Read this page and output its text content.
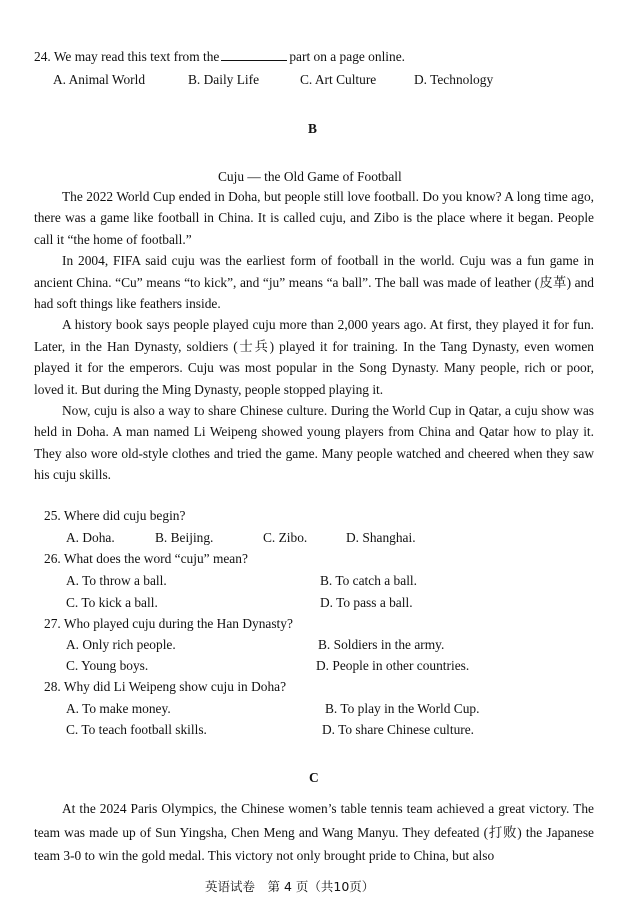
24. We may read this text from the	part on a page online.
A. Animal World	B. Daily Life	C. Art Culture	D. Technology
B
Cuju — the Old Game of Football

The 2022 World Cup ended in Doha, but people still love football. Do you know? A long time ago, there was a game like football in China. It is called cuju, and Zibo is the place where it began. People call it “the home of football.”

In 2004, FIFA said cuju was the earliest form of football in the world. Cuju was a fun game in ancient China. “Cu” means “to kick”, and “ju” means “a ball”. The ball was made of leather (皮革) and had soft things like feathers inside.

A history book says people played cuju more than 2,000 years ago. At first, they played it for fun. Later, in the Han Dynasty, soldiers (士兵) played it for training. In the Tang Dynasty, even women played it for the emperors. Cuju was most popular in the Song Dynasty. Many people, rich or poor, loved it. But during the Ming Dynasty, people stopped playing it.

Now, cuju is also a way to share Chinese culture. During the World Cup in Qatar, a cuju show was held in Doha. A man named Li Weipeng showed young players from China and Qatar how to play it. They also wore old-style clothes and tried the game. Many people watched and cheered when they saw his cuju skills.

25. Where did cuju begin?
A. Doha.	B. Beijing.	C. Zibo.	D. Shanghai.
26. What does the word “cuju” mean?
A. To throw a ball.	B. To catch a ball.
C. To kick a ball.	D. To pass a ball.
27. Who played cuju during the Han Dynasty?
A. Only rich people.	B. Soldiers in the army.
C. Young boys.	D. People in other countries.
28. Why did Li Weipeng show cuju in Doha?
A. To make money.	B. To play in the World Cup.
C. To teach football skills.	D. To share Chinese culture.
C

At the 2024 Paris Olympics, the Chinese women’s table tennis team achieved a great victory. The team was made up of Sun Yingsha, Chen Meng and Wang Manyu. They defeated (打败) the Japanese team 3-0 to win the gold medal. This victory not only brought pride to China, but also

英语试卷　第 4 页（共10页）
